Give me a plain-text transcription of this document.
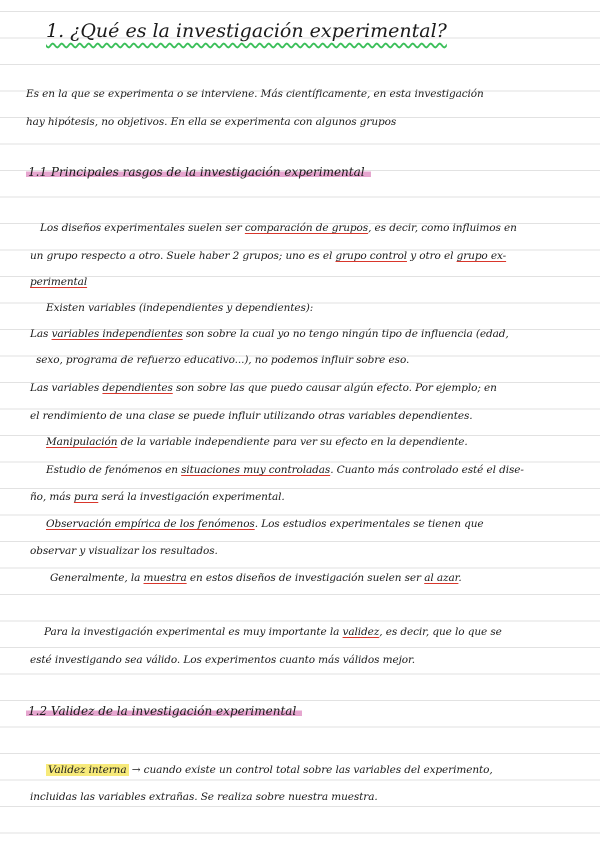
1. ¿Qué es la investigación experimental?
Es en la que se experimenta o se interviene. Más científicamente, en esta investigación
hay hipótesis, no objetivos. En ella se experimenta con algunos grupos
1.1 Principales rasgos de la investigación experimental
Los diseños experimentales suelen ser comparación de grupos, es decir, como influimos en
un grupo respecto a otro. Suele haber 2 grupos; uno es el grupo control y otro el grupo ex-
perimental
Existen variables (independientes y dependientes):
Las variables independientes son sobre la cual yo no tengo ningún tipo de influencia (edad,
sexo, programa de refuerzo educativo...), no podemos influir sobre eso.
Las variables dependientes son sobre las que puedo causar algún efecto. Por ejemplo; en
el rendimiento de una clase se puede influir utilizando otras variables dependientes.
Manipulación de la variable independiente para ver su efecto en la dependiente.
Estudio de fenómenos en situaciones muy controladas. Cuanto más controlado esté el dise-
ño, más pura será la investigación experimental.
Observación empírica de los fenómenos. Los estudios experimentales se tienen que
observar y visualizar los resultados.
Generalmente, la muestra en estos diseños de investigación suelen ser al azar.
Para la investigación experimental es muy importante la validez, es decir, que lo que se
esté investigando sea válido. Los experimentos cuanto más válidos mejor.
1.2 Validez de la investigación experimental
Validez interna → cuando existe un control total sobre las variables del experimento,
incluidas las variables extrañas. Se realiza sobre nuestra muestra.
